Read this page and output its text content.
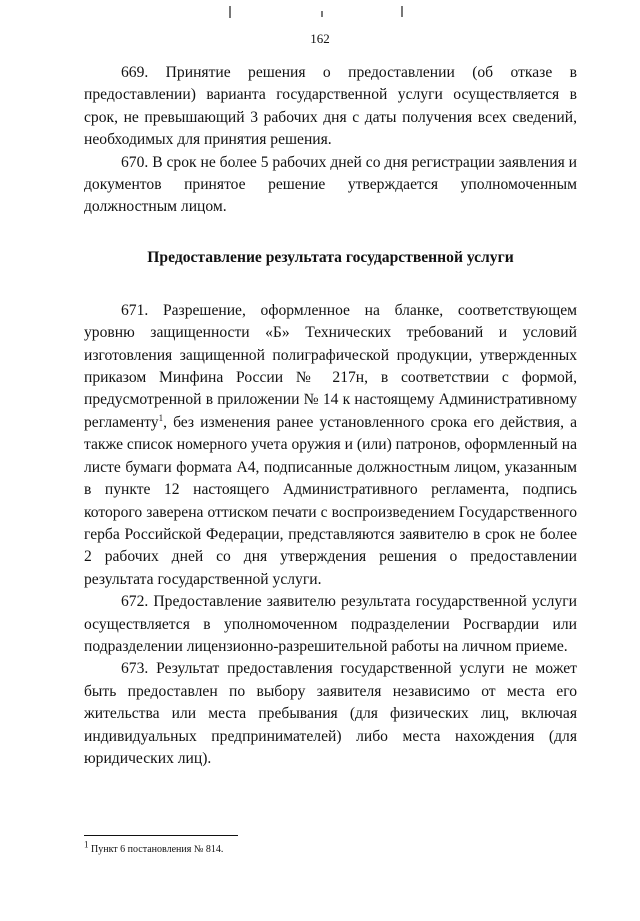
162

669. Принятие решения о предоставлении (об отказе в предоставлении) варианта государственной услуги осуществляется в срок, не превышающий 3 рабочих дня с даты получения всех сведений, необходимых для принятия решения.

670. В срок не более 5 рабочих дней со дня регистрации заявления и документов принятое решение утверждается уполномоченным должностным лицом.

Предоставление результата государственной услуги

671. Разрешение, оформленное на бланке, соответствующем уровню защищенности «Б» Технических требований и условий изготовления защищенной полиграфической продукции, утвержденных приказом Минфина России № 217н, в соответствии с формой, предусмотренной в приложении № 14 к настоящему Административному регламенту$^1$, без изменения ранее установленного срока его действия, а также список номерного учета оружия и (или) патронов, оформленный на листе бумаги формата А4, подписанные должностным лицом, указанным в пункте 12 настоящего Административного регламента, подпись которого заверена оттиском печати с воспроизведением Государственного герба Российской Федерации, представляются заявителю в срок не более 2 рабочих дней со дня утверждения решения о предоставлении результата государственной услуги.

672. Предоставление заявителю результата государственной услуги осуществляется в уполномоченном подразделении Росгвардии или подразделении лицензионно-разрешительной работы на личном приеме.

673. Результат предоставления государственной услуги не может быть предоставлен по выбору заявителя независимо от места его жительства или места пребывания (для физических лиц, включая индивидуальных предпринимателей) либо места нахождения (для юридических лиц).

$^1$ Пункт 6 постановления № 814.
